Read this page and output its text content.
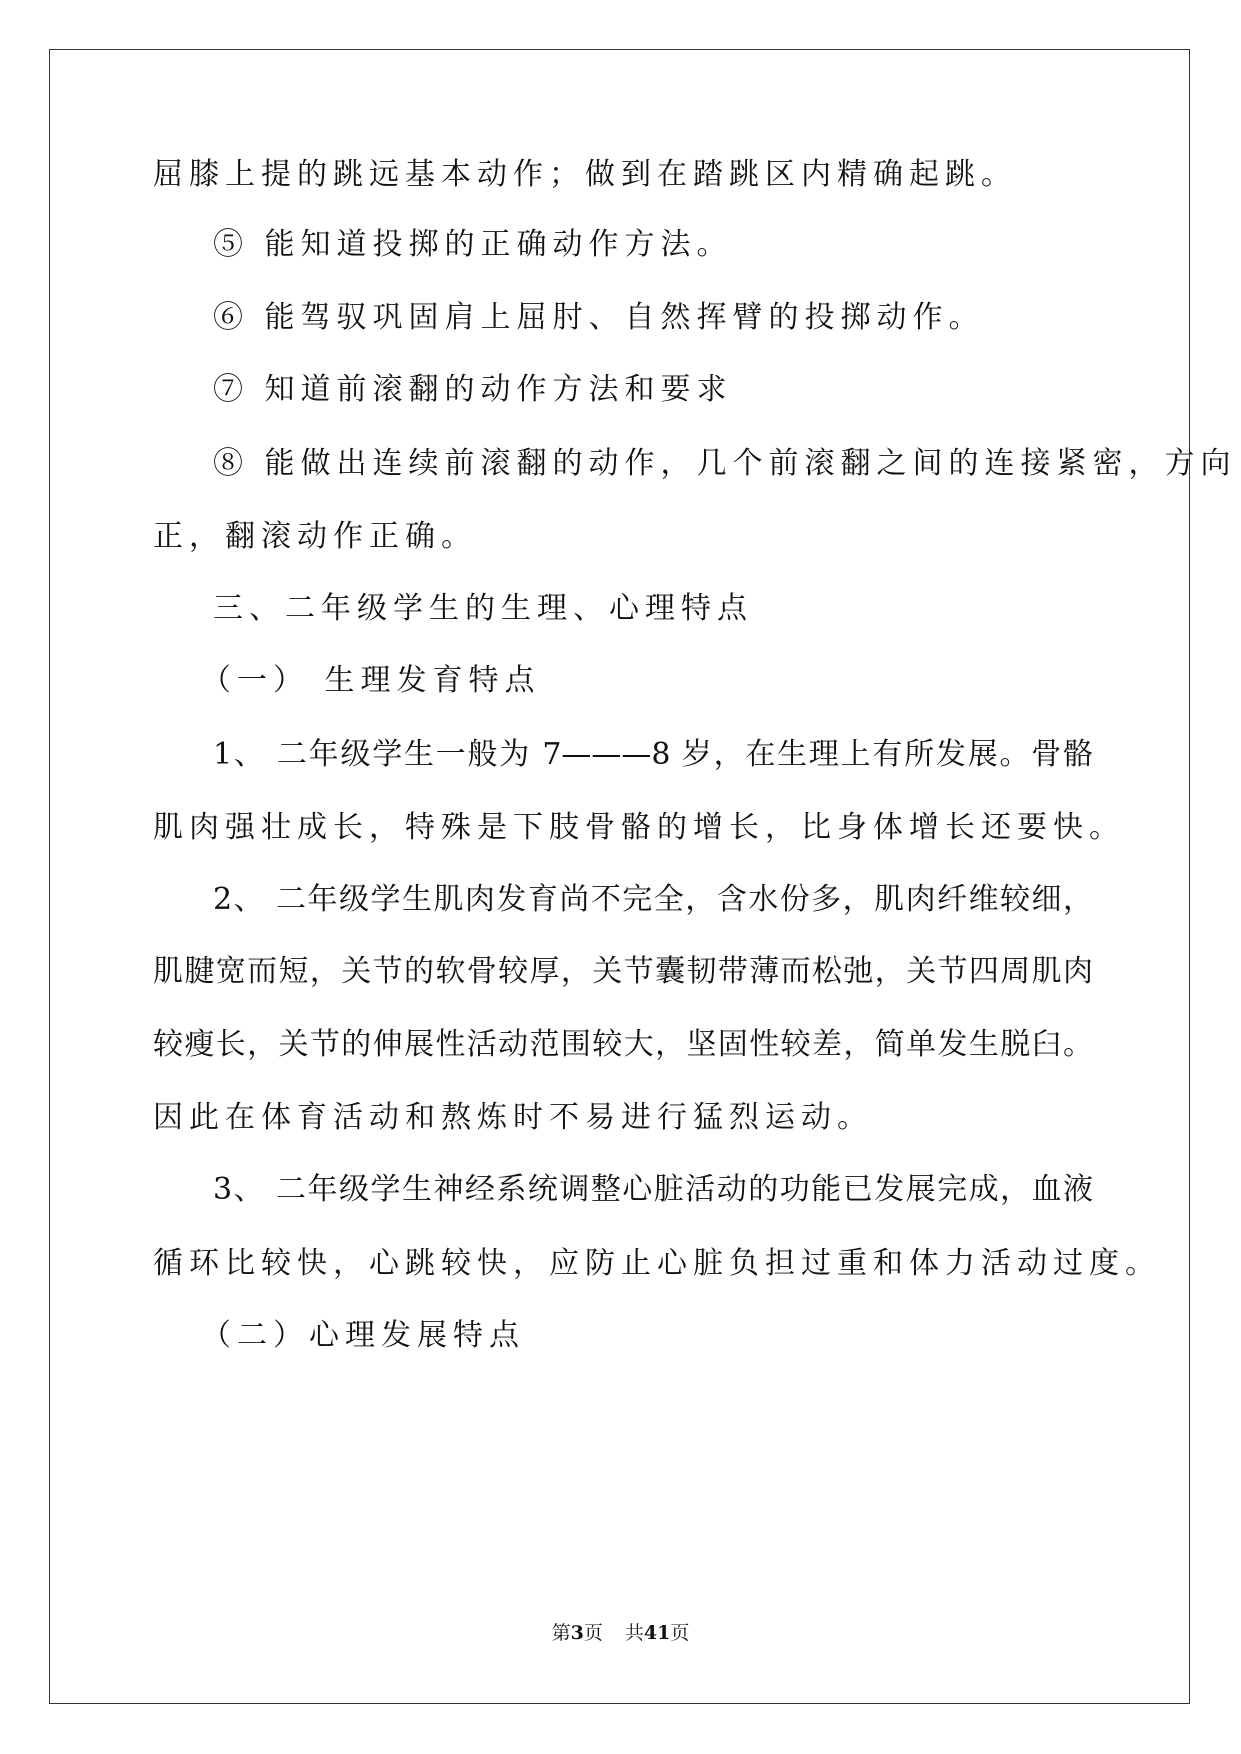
屈膝上提的跳远基本动作；做到在踏跳区内精确起跳。
⑤ 能知道投掷的正确动作方法。
⑥ 能驾驭巩固肩上屈肘、自然挥臂的投掷动作。
⑦ 知道前滚翻的动作方法和要求
⑧ 能做出连续前滚翻的动作，几个前滚翻之间的连接紧密，方向
正，翻滚动作正确。
三、二年级学生的生理、心理特点
（一） 生理发育特点
1、 二年级学生一般为 7———8 岁，在生理上有所发展。骨骼
肌肉强壮成长，特殊是下肢骨骼的增长，比身体增长还要快。
2、 二年级学生肌肉发育尚不完全，含水份多，肌肉纤维较细，
肌腱宽而短，关节的软骨较厚，关节囊韧带薄而松弛，关节四周肌肉
较瘦长，关节的伸展性活动范围较大，坚固性较差，简单发生脱臼。
因此在体育活动和熬炼时不易进行猛烈运动。
3、 二年级学生神经系统调整心脏活动的功能已发展完成，血液
循环比较快，心跳较快，应防止心脏负担过重和体力活动过度。
（二）心理发展特点
第3页 共41页
